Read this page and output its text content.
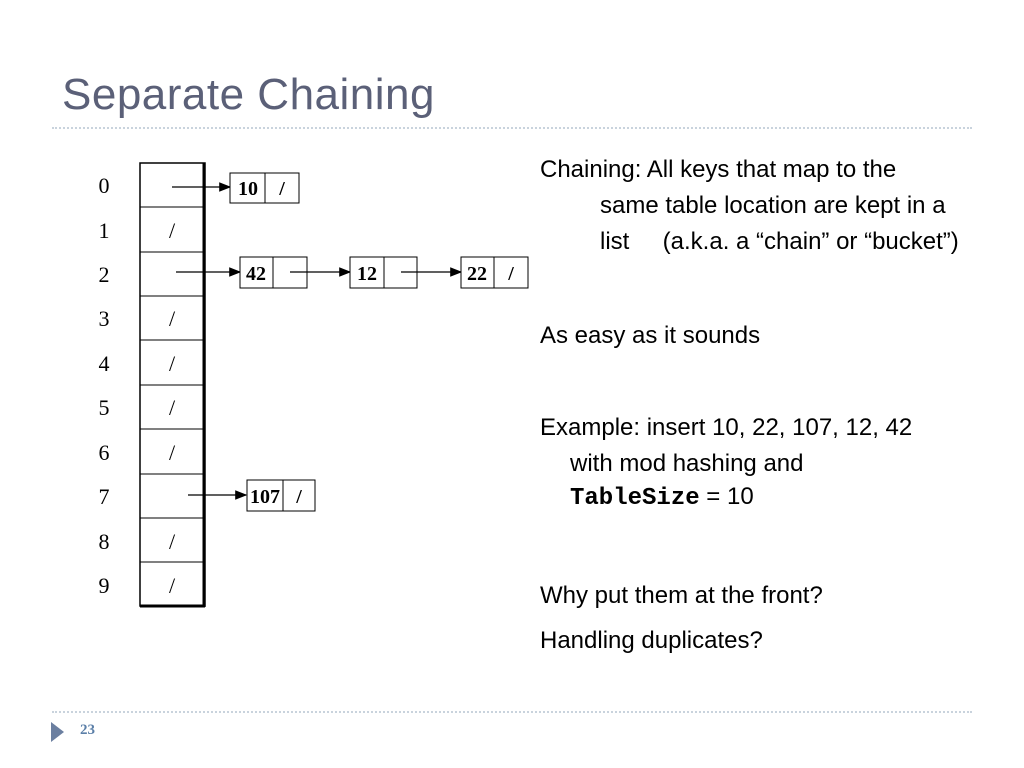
Separate Chaining
0
1
2
3
4
5
6
7
8
9
/
/
/
/
/
/
/
10 /
42	12	22 /
107 /
Chaining: All keys that map to the
same table location are kept in a
list     (a.k.a. a “chain” or “bucket”)
As easy as it sounds
Example: insert 10, 22, 107, 12, 42
with mod hashing and
TableSize = 10
Why put them at the front?
Handling duplicates?
23
